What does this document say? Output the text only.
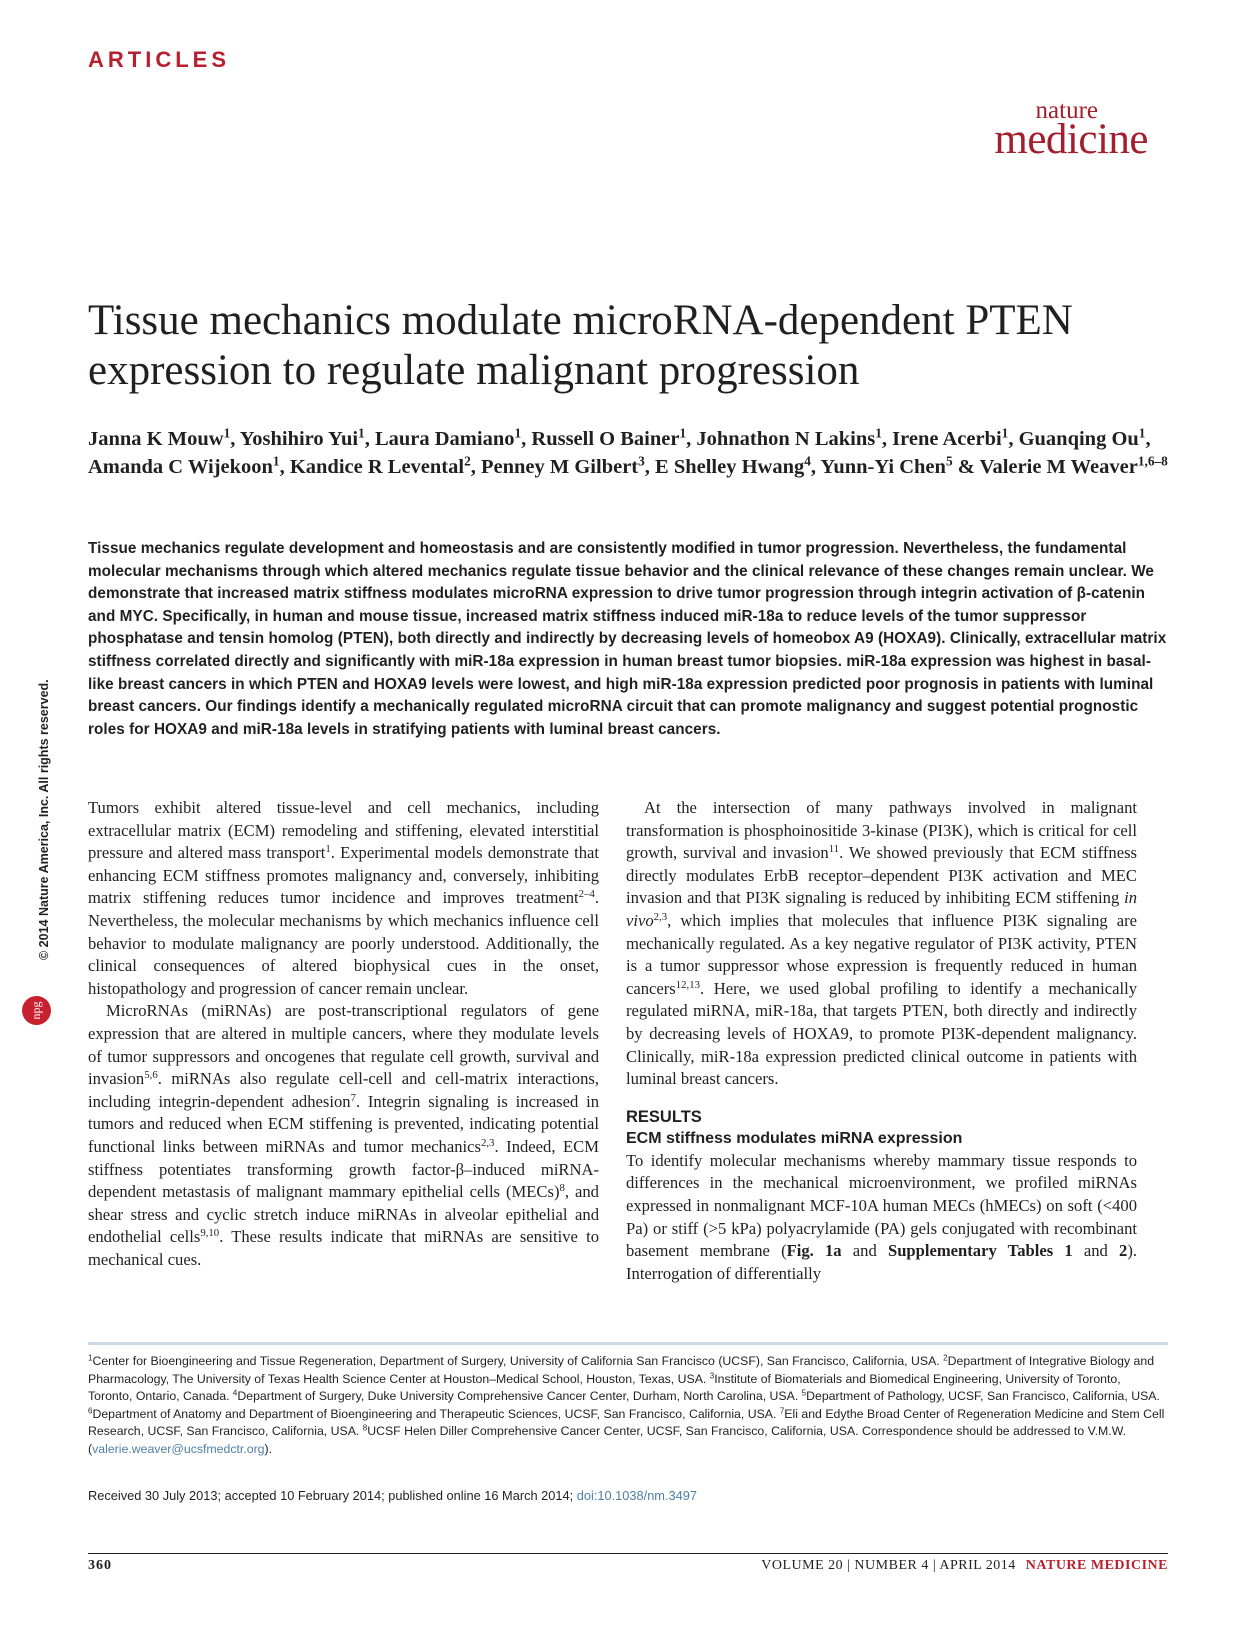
ARTICLES
nature
medicine
Tissue mechanics modulate microRNA-dependent PTEN expression to regulate malignant progression
Janna K Mouw$^1$, Yoshihiro Yui$^1$, Laura Damiano$^1$, Russell O Bainer$^1$, Johnathon N Lakins$^1$, Irene Acerbi$^1$, Guanqing Ou$^1$, Amanda C Wijekoon$^1$, Kandice R Levental$^2$, Penney M Gilbert$^3$, E Shelley Hwang$^4$, Yunn-Yi Chen$^5$ & Valerie M Weaver$^{1,6-8}$
Tissue mechanics regulate development and homeostasis and are consistently modified in tumor progression. Nevertheless, the fundamental molecular mechanisms through which altered mechanics regulate tissue behavior and the clinical relevance of these changes remain unclear. We demonstrate that increased matrix stiffness modulates microRNA expression to drive tumor progression through integrin activation of β-catenin and MYC. Specifically, in human and mouse tissue, increased matrix stiffness induced miR-18a to reduce levels of the tumor suppressor phosphatase and tensin homolog (PTEN), both directly and indirectly by decreasing levels of homeobox A9 (HOXA9). Clinically, extracellular matrix stiffness correlated directly and significantly with miR-18a expression in human breast tumor biopsies. miR-18a expression was highest in basal-like breast cancers in which PTEN and HOXA9 levels were lowest, and high miR-18a expression predicted poor prognosis in patients with luminal breast cancers. Our findings identify a mechanically regulated microRNA circuit that can promote malignancy and suggest potential prognostic roles for HOXA9 and miR-18a levels in stratifying patients with luminal breast cancers.
© 2014 Nature America, Inc. All rights reserved.
npg

Tumors exhibit altered tissue-level and cell mechanics, including extracellular matrix (ECM) remodeling and stiffening, elevated interstitial pressure and altered mass transport$^1$. Experimental models demonstrate that enhancing ECM stiffness promotes malignancy and, conversely, inhibiting matrix stiffening reduces tumor incidence and improves treatment$^{2-4}$. Nevertheless, the molecular mechanisms by which mechanics influence cell behavior to modulate malignancy are poorly understood. Additionally, the clinical consequences of altered biophysical cues in the onset, histopathology and progression of cancer remain unclear.

MicroRNAs (miRNAs) are post-transcriptional regulators of gene expression that are altered in multiple cancers, where they modulate levels of tumor suppressors and oncogenes that regulate cell growth, survival and invasion$^{5,6}$. miRNAs also regulate cell-cell and cell-matrix interactions, including integrin-dependent adhesion$^7$. Integrin signaling is increased in tumors and reduced when ECM stiffening is prevented, indicating potential functional links between miRNAs and tumor mechanics$^{2,3}$. Indeed, ECM stiffness potentiates transforming growth factor-β–induced miRNA-dependent metastasis of malignant mammary epithelial cells (MECs)$^8$, and shear stress and cyclic stretch induce miRNAs in alveolar epithelial and endothelial cells$^{9,10}$. These results indicate that miRNAs are sensitive to mechanical cues.

At the intersection of many pathways involved in malignant transformation is phosphoinositide 3-kinase (PI3K), which is critical for cell growth, survival and invasion$^{11}$. We showed previously that ECM stiffness directly modulates ErbB receptor–dependent PI3K activation and MEC invasion and that PI3K signaling is reduced by inhibiting ECM stiffening in vivo$^{2,3}$, which implies that molecules that influence PI3K signaling are mechanically regulated. As a key negative regulator of PI3K activity, PTEN is a tumor suppressor whose expression is frequently reduced in human cancers$^{12,13}$. Here, we used global profiling to identify a mechanically regulated miRNA, miR-18a, that targets PTEN, both directly and indirectly by decreasing levels of HOXA9, to promote PI3K-dependent malignancy. Clinically, miR-18a expression predicted clinical outcome in patients with luminal breast cancers.

RESULTS
ECM stiffness modulates miRNA expression

To identify molecular mechanisms whereby mammary tissue responds to differences in the mechanical microenvironment, we profiled miRNAs expressed in nonmalignant MCF-10A human MECs (hMECs) on soft (<400 Pa) or stiff (>5 kPa) polyacrylamide (PA) gels conjugated with recombinant basement membrane (Fig. 1a and Supplementary Tables 1 and 2). Interrogation of differentially

$^1$Center for Bioengineering and Tissue Regeneration, Department of Surgery, University of California San Francisco (UCSF), San Francisco, California, USA. $^2$Department of Integrative Biology and Pharmacology, The University of Texas Health Science Center at Houston–Medical School, Houston, Texas, USA. $^3$Institute of Biomaterials and Biomedical Engineering, University of Toronto, Toronto, Ontario, Canada. $^4$Department of Surgery, Duke University Comprehensive Cancer Center, Durham, North Carolina, USA. $^5$Department of Pathology, UCSF, San Francisco, California, USA. $^6$Department of Anatomy and Department of Bioengineering and Therapeutic Sciences, UCSF, San Francisco, California, USA. $^7$Eli and Edythe Broad Center of Regeneration Medicine and Stem Cell Research, UCSF, San Francisco, California, USA. $^8$UCSF Helen Diller Comprehensive Cancer Center, UCSF, San Francisco, California, USA. Correspondence should be addressed to V.M.W. (valerie.weaver@ucsfmedctr.org).
Received 30 July 2013; accepted 10 February 2014; published online 16 March 2014; doi:10.1038/nm.3497
360	VOLUME 20 | NUMBER 4 | APRIL 2014 NATURE MEDICINE
